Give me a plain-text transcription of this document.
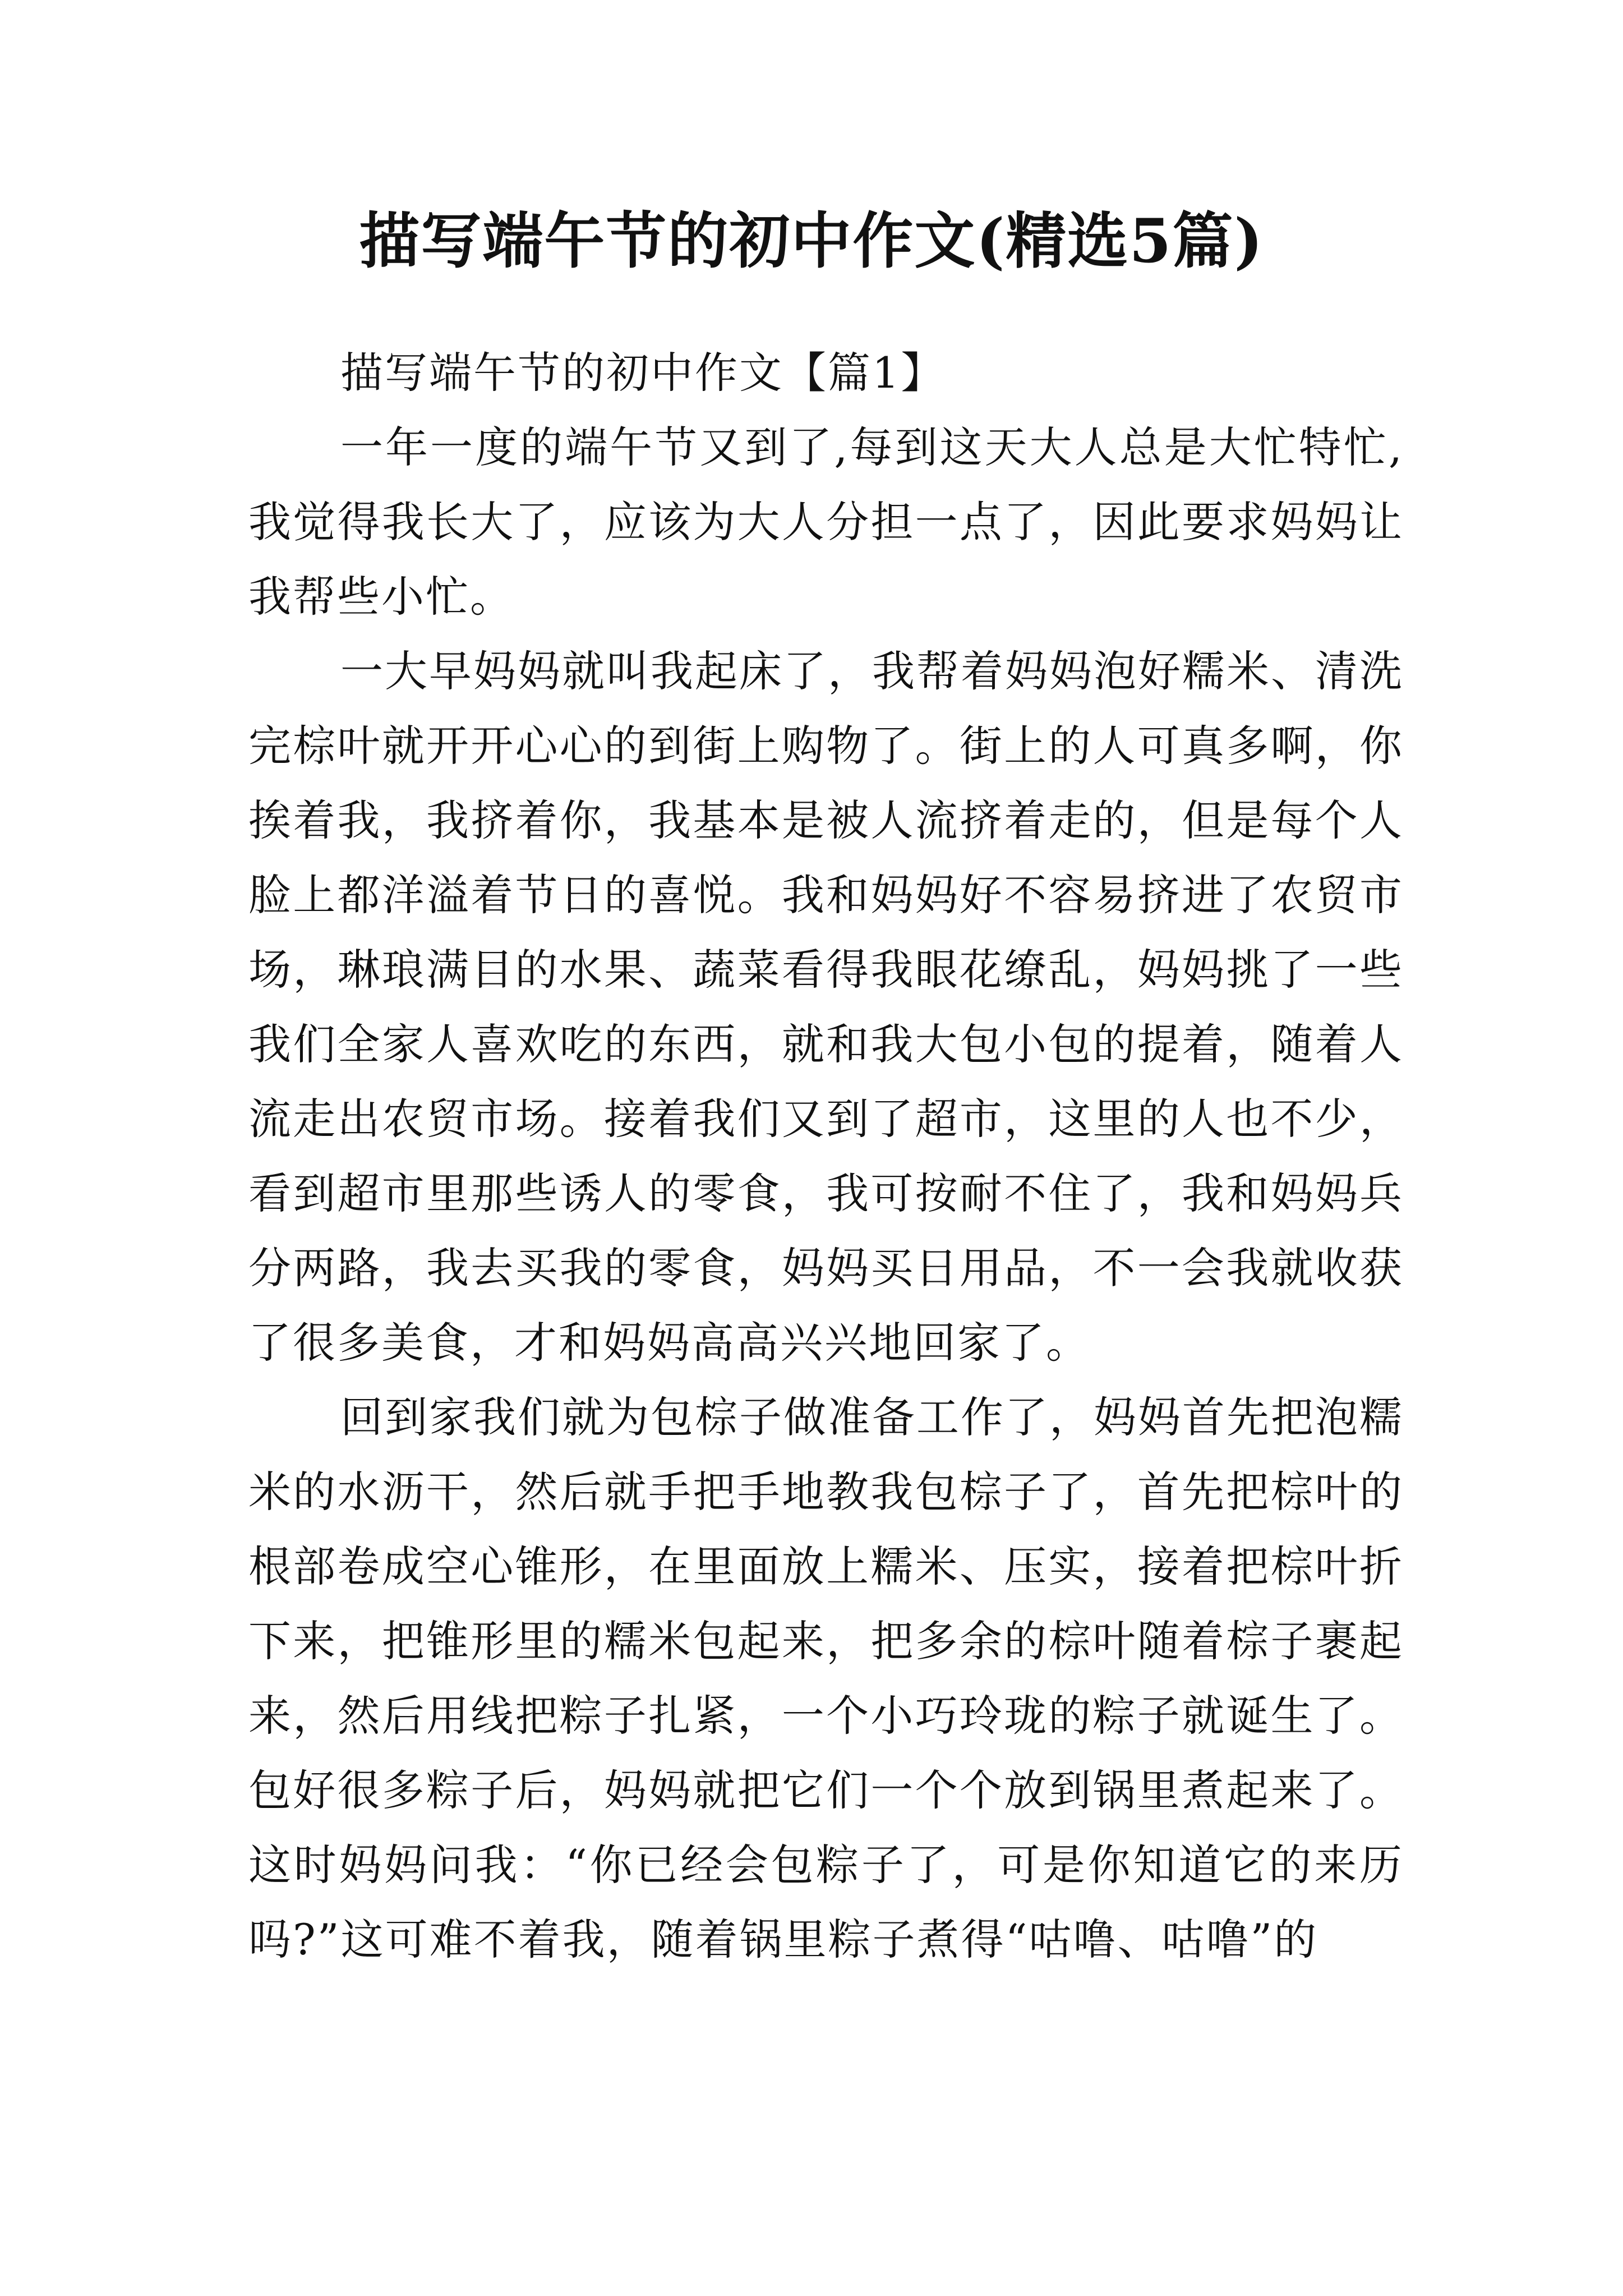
描写端午节的初中作文(精选5篇)

描写端午节的初中作文【篇1】

一年一度的端午节又到了,每到这天大人总是大忙特忙,我觉得我长大了，应该为大人分担一点了，因此要求妈妈让我帮些小忙。

一大早妈妈就叫我起床了，我帮着妈妈泡好糯米、清洗完棕叶就开开心心的到街上购物了。街上的人可真多啊，你挨着我，我挤着你，我基本是被人流挤着走的，但是每个人脸上都洋溢着节日的喜悦。我和妈妈好不容易挤进了农贸市场，琳琅满目的水果、蔬菜看得我眼花缭乱，妈妈挑了一些我们全家人喜欢吃的东西，就和我大包小包的提着，随着人流走出农贸市场。接着我们又到了超市，这里的人也不少，看到超市里那些诱人的零食，我可按耐不住了，我和妈妈兵分两路，我去买我的零食，妈妈买日用品，不一会我就收获了很多美食，才和妈妈高高兴兴地回家了。

回到家我们就为包棕子做准备工作了，妈妈首先把泡糯米的水沥干，然后就手把手地教我包棕子了，首先把棕叶的根部卷成空心锥形，在里面放上糯米、压实，接着把棕叶折下来，把锥形里的糯米包起来，把多余的棕叶随着棕子裹起来，然后用线把粽子扎紧，一个小巧玲珑的粽子就诞生了。包好很多粽子后，妈妈就把它们一个个放到锅里煮起来了。这时妈妈问我：“你已经会包粽子了，可是你知道它的来历吗?”这可难不着我，随着锅里粽子煮得“咕噜、咕噜”的
